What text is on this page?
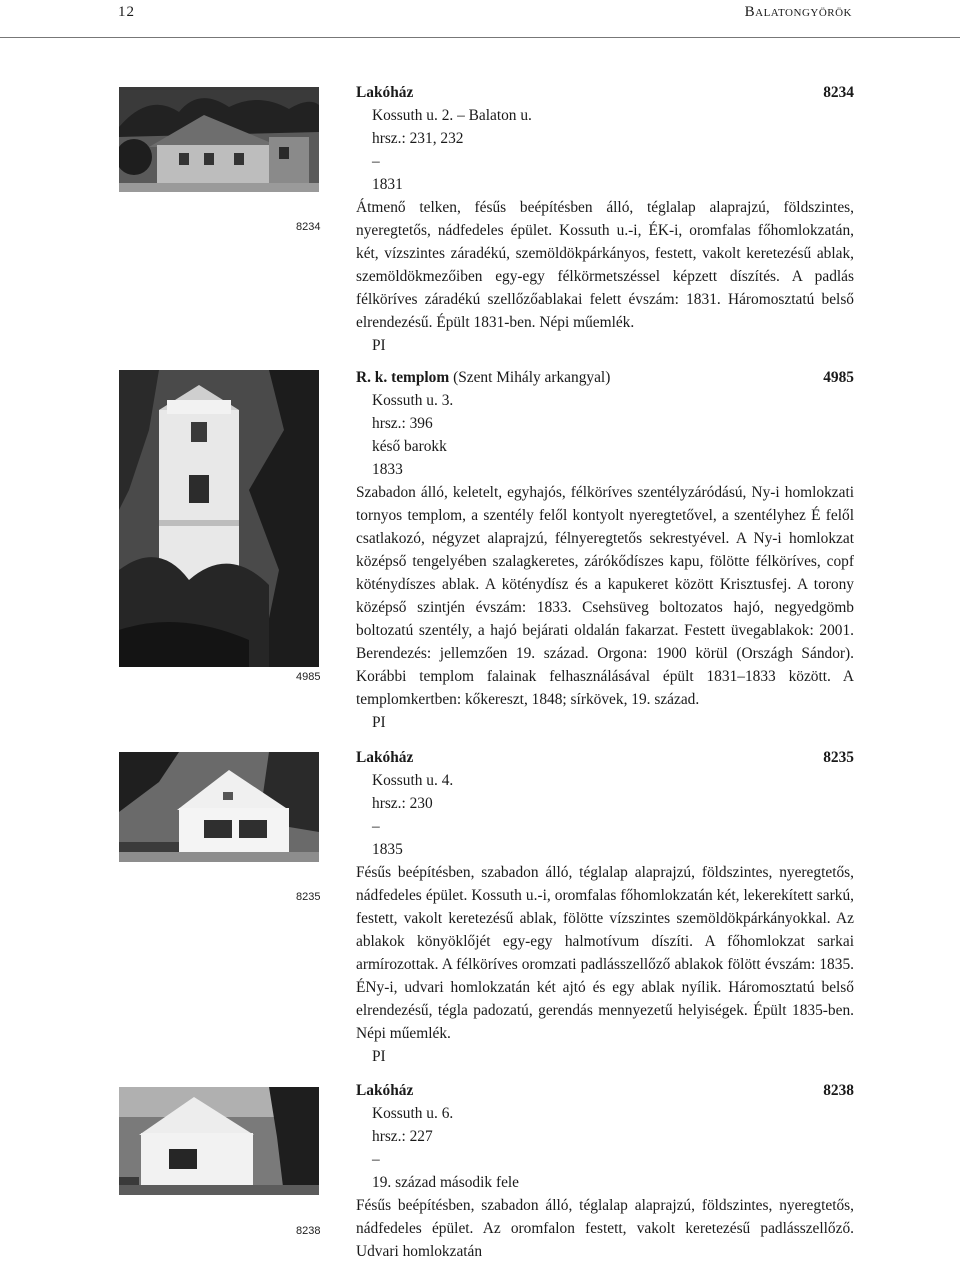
12	Balatongyörök
8234
4985
8235
8238
Lakóház	8234
Kossuth u. 2. – Balaton u.
hrsz.: 231, 232
–
1831
Átmenő telken, fésűs beépítésben álló, téglalap alaprajzú, földszintes, nyeregtetős, nádfedeles épület. Kossuth u.-i, ÉK-i, oromfalas főhomlokzatán, két, vízszintes záradékú, szemöldökpárkányos, festett, vakolt keretezésű ablak, szemöldökmezőiben egy-egy félkörmetszéssel képzett díszítés. A padlás félköríves záradékú szellőzőablakai felett évszám: 1831. Háromosztatú belső elrendezésű. Épült 1831-ben. Népi műemlék.
PI
R. k. templom (Szent Mihály arkangyal)	4985
Kossuth u. 3.
hrsz.: 396
késő barokk
1833
Szabadon álló, keletelt, egyhajós, félköríves szentélyzáródású, Ny-i homlokzati tornyos templom, a szentély felől kontyolt nyeregtetővel, a szentélyhez É felől csatlakozó, négyzet alaprajzú, félnyeregtetős sekrestyével. A Ny-i homlokzat középső tengelyében szalagkeretes, zárókődíszes kapu, fölötte félköríves, copf köténydíszes ablak. A köténydísz és a kapukeret között Krisztusfej. A torony középső szintjén évszám: 1833. Csehsüveg boltozatos hajó, negyedgömb boltozatú szentély, a hajó bejárati oldalán fakarzat. Festett üvegablakok: 2001. Berendezés: jellemzően 19. század. Orgona: 1900 körül (Országh Sándor). Korábbi templom falainak felhasználásával épült 1831–1833 között. A templomkertben: kőkereszt, 1848; sírkövek, 19. század.
PI
Lakóház	8235
Kossuth u. 4.
hrsz.: 230
–
1835
Fésűs beépítésben, szabadon álló, téglalap alaprajzú, földszintes, nyeregtetős, nádfedeles épület. Kossuth u.-i, oromfalas főhomlokzatán két, lekerekített sarkú, festett, vakolt keretezésű ablak, fölötte vízszintes szemöldökpárkányokkal. Az ablakok könyöklőjét egy-egy halmotívum díszíti. A főhomlokzat sarkai armírozottak. A félköríves oromzati padlásszellőző ablakok fölött évszám: 1835. ÉNy-i, udvari homlokzatán két ajtó és egy ablak nyílik. Háromosztatú belső elrendezésű, tégla padozatú, gerendás mennyezetű helyiségek. Épült 1835-ben. Népi műemlék.
PI
Lakóház	8238
Kossuth u. 6.
hrsz.: 227
–
19. század második fele
Fésűs beépítésben, szabadon álló, téglalap alaprajzú, földszintes, nyeregtetős, nádfedeles épület. Az oromfalon festett, vakolt keretezésű padlásszellőző. Udvari homlokzatán
